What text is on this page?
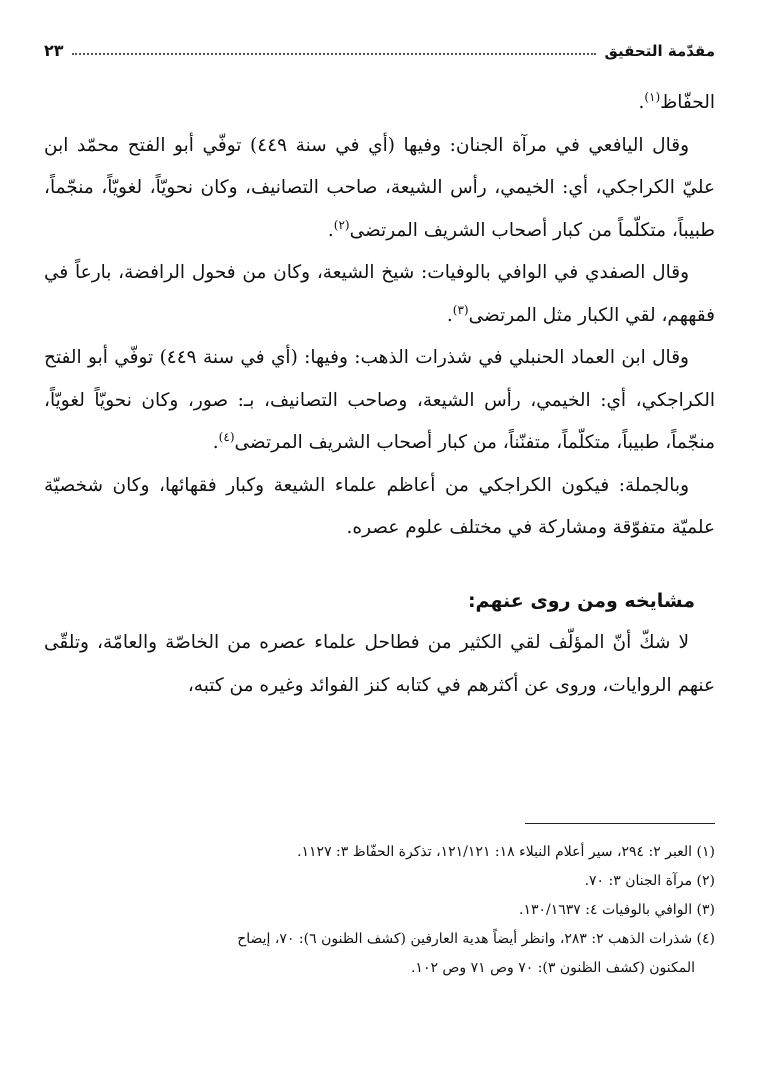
مقدّمة التحقيق
٢٣

الحفّاظ$^{(١)}$.

وقال اليافعي في مرآة الجنان: وفيها (أي في سنة ٤٤٩) توفّي أبو الفتح محمّد ابن عليّ الكراجكي، أي: الخيمي، رأس الشيعة، صاحب التصانيف، وكان نحويّاً، لغويّاً، منجّماً، طبيباً، متكلّماً من كبار أصحاب الشريف المرتضى$^{(٢)}$.

وقال الصفدي في الوافي بالوفيات: شيخ الشيعة، وكان من فحول الرافضة، بارعاً في فقههم، لقي الكبار مثل المرتضى$^{(٣)}$.

وقال ابن العماد الحنبلي في شذرات الذهب: وفيها: (أي في سنة ٤٤٩) توفّي أبو الفتح الكراجكي، أي: الخيمي، رأس الشيعة، وصاحب التصانيف، بـ: صور، وكان نحويّاً لغويّاً، منجّماً، طبيباً، متكلّماً، متفنّناً، من كبار أصحاب الشريف المرتضى$^{(٤)}$.

وبالجملة: فيكون الكراجكي من أعاظم علماء الشيعة وكبار فقهائها، وكان شخصيّة علميّة متفوّقة ومشاركة في مختلف علوم عصره.

مشايخه ومن روى عنهم:

لا شكّ أنّ المؤلّف لقي الكثير من فطاحل علماء عصره من الخاصّة والعامّة، وتلقّى عنهم الروايات، وروى عن أكثرهم في كتابه كنز الفوائد وغيره من كتبه،

(١) العبر ٢: ٢٩٤، سير أعلام النبلاء ١٨: ١٢١/١٢١، تذكرة الحفّاظ ٣: ١١٢٧.

(٢) مرآة الجنان ٣: ٧٠.

(٣) الوافي بالوفيات ٤: ١٣٠/١٦٣٧.

(٤) شذرات الذهب ٢: ٢٨٣، وانظر أيضاً هدية العارفين (كشف الظنون ٦): ٧٠، إيضاح

المكنون (كشف الظنون ٣): ٧٠ وص ٧١ وص ١٠٢.
